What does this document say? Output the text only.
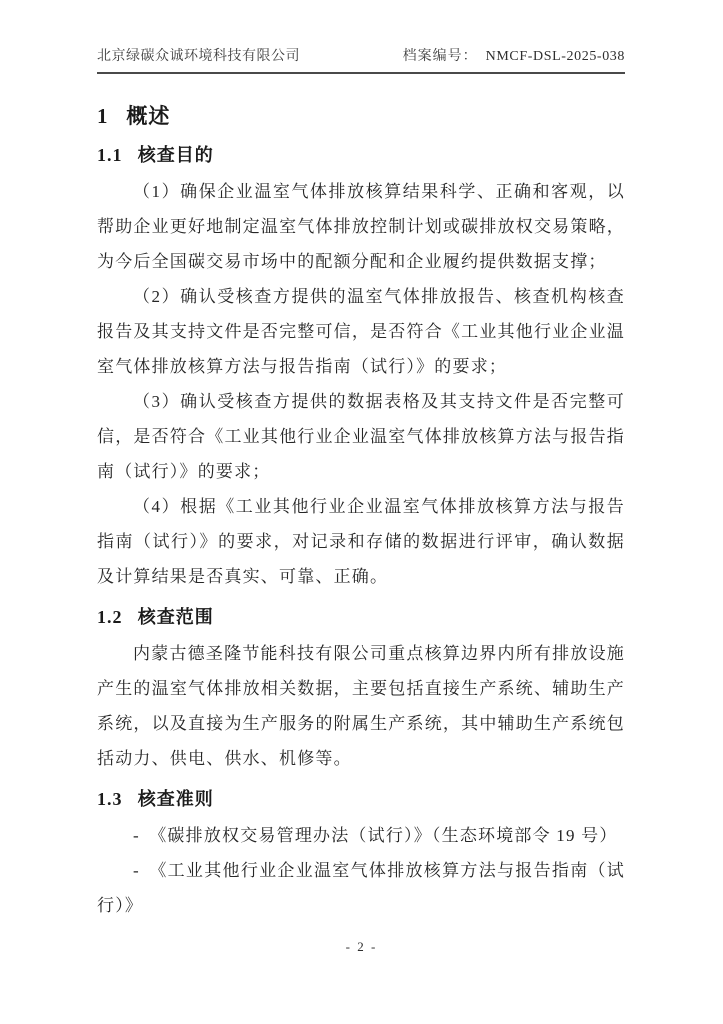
北京绿碳众诚环境科技有限公司	档案编号： NMCF-DSL-2025-038
1 概述
1.1 核查目的

（1）确保企业温室气体排放核算结果科学、正确和客观，以帮助企业更好地制定温室气体排放控制计划或碳排放权交易策略，为今后全国碳交易市场中的配额分配和企业履约提供数据支撑；

（2）确认受核查方提供的温室气体排放报告、核查机构核查报告及其支持文件是否完整可信，是否符合《工业其他行业企业温室气体排放核算方法与报告指南（试行）》的要求；

（3）确认受核查方提供的数据表格及其支持文件是否完整可信，是否符合《工业其他行业企业温室气体排放核算方法与报告指南（试行）》的要求；

（4）根据《工业其他行业企业温室气体排放核算方法与报告指南（试行）》的要求，对记录和存储的数据进行评审，确认数据及计算结果是否真实、可靠、正确。

1.2 核查范围

内蒙古德圣隆节能科技有限公司重点核算边界内所有排放设施产生的温室气体排放相关数据，主要包括直接生产系统、辅助生产系统，以及直接为生产服务的附属生产系统，其中辅助生产系统包括动力、供电、供水、机修等。

1.3 核查准则

- 《碳排放权交易管理办法（试行）》（生态环境部令 19 号）

- 《工业其他行业企业温室气体排放核算方法与报告指南（试行）》

- 2 -
